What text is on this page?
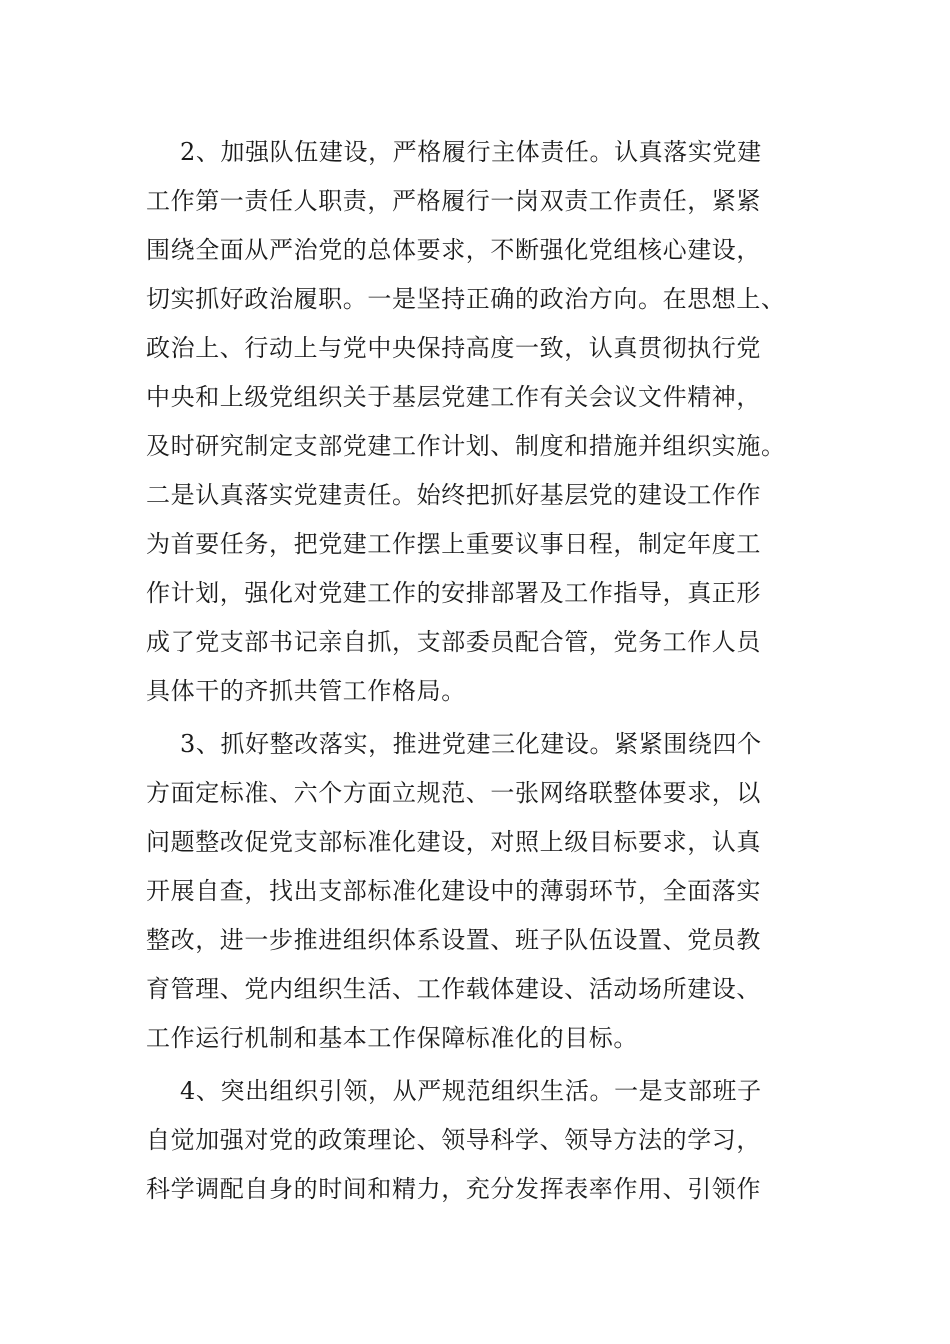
2、加强队伍建设，严格履行主体责任。认真落实党建
工作第一责任人职责，严格履行一岗双责工作责任，紧紧
围绕全面从严治党的总体要求，不断强化党组核心建设，
切实抓好政治履职。一是坚持正确的政治方向。在思想上、
政治上、行动上与党中央保持高度一致，认真贯彻执行党
中央和上级党组织关于基层党建工作有关会议文件精神，
及时研究制定支部党建工作计划、制度和措施并组织实施。
二是认真落实党建责任。始终把抓好基层党的建设工作作
为首要任务，把党建工作摆上重要议事日程，制定年度工
作计划，强化对党建工作的安排部署及工作指导，真正形
成了党支部书记亲自抓，支部委员配合管，党务工作人员
具体干的齐抓共管工作格局。
3、抓好整改落实，推进党建三化建设。紧紧围绕四个
方面定标准、六个方面立规范、一张网络联整体要求，以
问题整改促党支部标准化建设，对照上级目标要求，认真
开展自查，找出支部标准化建设中的薄弱环节，全面落实
整改，进一步推进组织体系设置、班子队伍设置、党员教
育管理、党内组织生活、工作载体建设、活动场所建设、
工作运行机制和基本工作保障标准化的目标。
4、突出组织引领，从严规范组织生活。一是支部班子
自觉加强对党的政策理论、领导科学、领导方法的学习，
科学调配自身的时间和精力，充分发挥表率作用、引领作
